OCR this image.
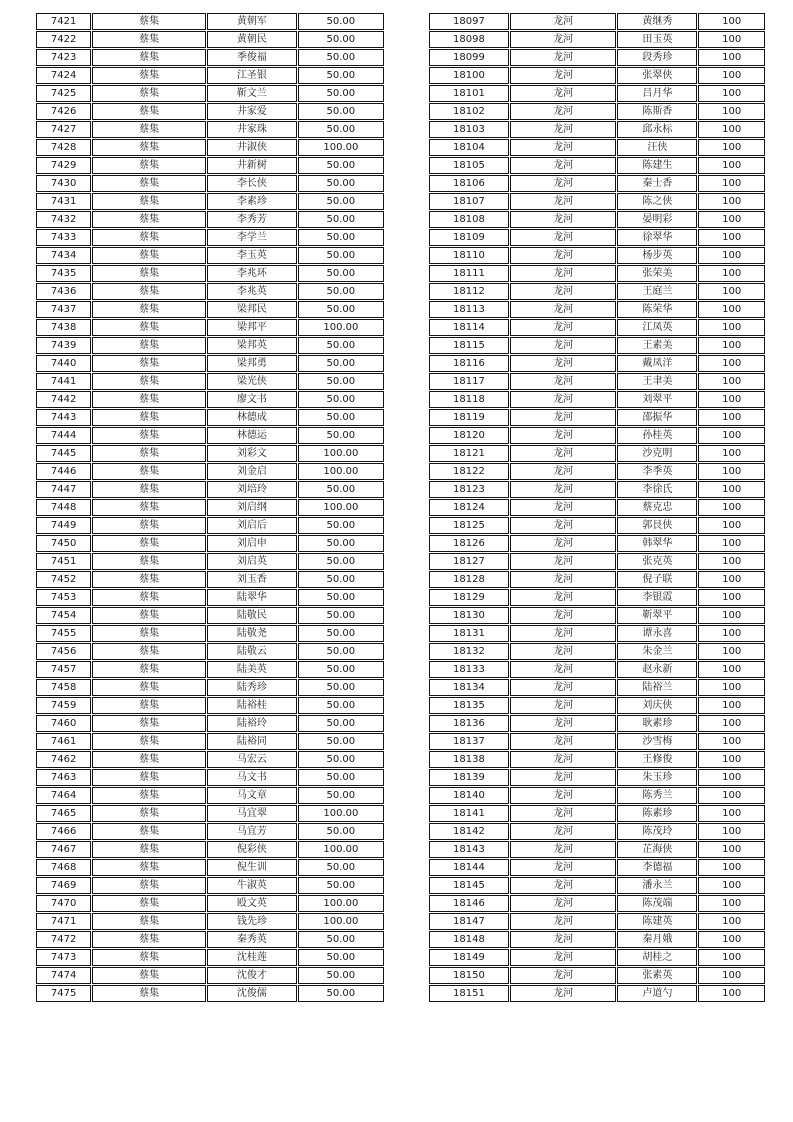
7421	蔡集	黄朝军	50.00
7422	蔡集	黄朝民	50.00
7423	蔡集	季俊福	50.00
7424	蔡集	江圣银	50.00
7425	蔡集	靳文兰	50.00
7426	蔡集	井家爱	50.00
7427	蔡集	井家珠	50.00
7428	蔡集	井淑侠	100.00
7429	蔡集	井新树	50.00
7430	蔡集	李长侠	50.00
7431	蔡集	李素珍	50.00
7432	蔡集	李秀芳	50.00
7433	蔡集	李学兰	50.00
7434	蔡集	李玉英	50.00
7435	蔡集	李兆环	50.00
7436	蔡集	李兆英	50.00
7437	蔡集	梁邦民	50.00
7438	蔡集	梁邦平	100.00
7439	蔡集	梁邦英	50.00
7440	蔡集	梁邦勇	50.00
7441	蔡集	梁光侠	50.00
7442	蔡集	廖文书	50.00
7443	蔡集	林德成	50.00
7444	蔡集	林德运	50.00
7445	蔡集	刘彩文	100.00
7446	蔡集	刘金启	100.00
7447	蔡集	刘培玲	50.00
7448	蔡集	刘启纲	100.00
7449	蔡集	刘启后	50.00
7450	蔡集	刘启申	50.00
7451	蔡集	刘启英	50.00
7452	蔡集	刘玉香	50.00
7453	蔡集	陆翠华	50.00
7454	蔡集	陆敬民	50.00
7455	蔡集	陆敬尧	50.00
7456	蔡集	陆敬云	50.00
7457	蔡集	陆美英	50.00
7458	蔡集	陆秀珍	50.00
7459	蔡集	陆裕桂	50.00
7460	蔡集	陆裕玲	50.00
7461	蔡集	陆裕同	50.00
7462	蔡集	马宏云	50.00
7463	蔡集	马文书	50.00
7464	蔡集	马文章	50.00
7465	蔡集	马宜翠	100.00
7466	蔡集	马宜芳	50.00
7467	蔡集	倪彩侠	100.00
7468	蔡集	倪生训	50.00
7469	蔡集	牛淑英	50.00
7470	蔡集	殴文英	100.00
7471	蔡集	钱先珍	100.00
7472	蔡集	秦秀英	50.00
7473	蔡集	沈桂莲	50.00
7474	蔡集	沈俊才	50.00
7475	蔡集	沈俊儒	50.00
18097	龙河	黄继秀	100
18098	龙河	田玉英	100
18099	龙河	段秀珍	100
18100	龙河	张翠侠	100
18101	龙河	吕月华	100
18102	龙河	陈斯香	100
18103	龙河	邱永标	100
18104	龙河	汪侠	100
18105	龙河	陈建生	100
18106	龙河	秦士香	100
18107	龙河	陈之侠	100
18108	龙河	晏明彩	100
18109	龙河	徐翠华	100
18110	龙河	杨步英	100
18111	龙河	张荣美	100
18112	龙河	王庭兰	100
18113	龙河	陈荣华	100
18114	龙河	江凤英	100
18115	龙河	王素美	100
18116	龙河	戴凤洋	100
18117	龙河	王聿美	100
18118	龙河	刘翠平	100
18119	龙河	邵振华	100
18120	龙河	孙桂英	100
18121	龙河	沙克明	100
18122	龙河	李季英	100
18123	龙河	李徐氏	100
18124	龙河	蔡克忠	100
18125	龙河	郭艮侠	100
18126	龙河	韩翠华	100
18127	龙河	张克英	100
18128	龙河	倪子联	100
18129	龙河	李银霞	100
18130	龙河	靳翠平	100
18131	龙河	谭永喜	100
18132	龙河	朱金兰	100
18133	龙河	赵永新	100
18134	龙河	陆裕兰	100
18135	龙河	刘庆侠	100
18136	龙河	耿素珍	100
18137	龙河	沙雪梅	100
18138	龙河	王修俊	100
18139	龙河	朱玉珍	100
18140	龙河	陈秀兰	100
18141	龙河	陈素珍	100
18142	龙河	陈茂玲	100
18143	龙河	芷海侠	100
18144	龙河	李德福	100
18145	龙河	潘永兰	100
18146	龙河	陈茂端	100
18147	龙河	陈建英	100
18148	龙河	秦月娥	100
18149	龙河	胡桂之	100
18150	龙河	张素英	100
18151	龙河	卢道勺	100
